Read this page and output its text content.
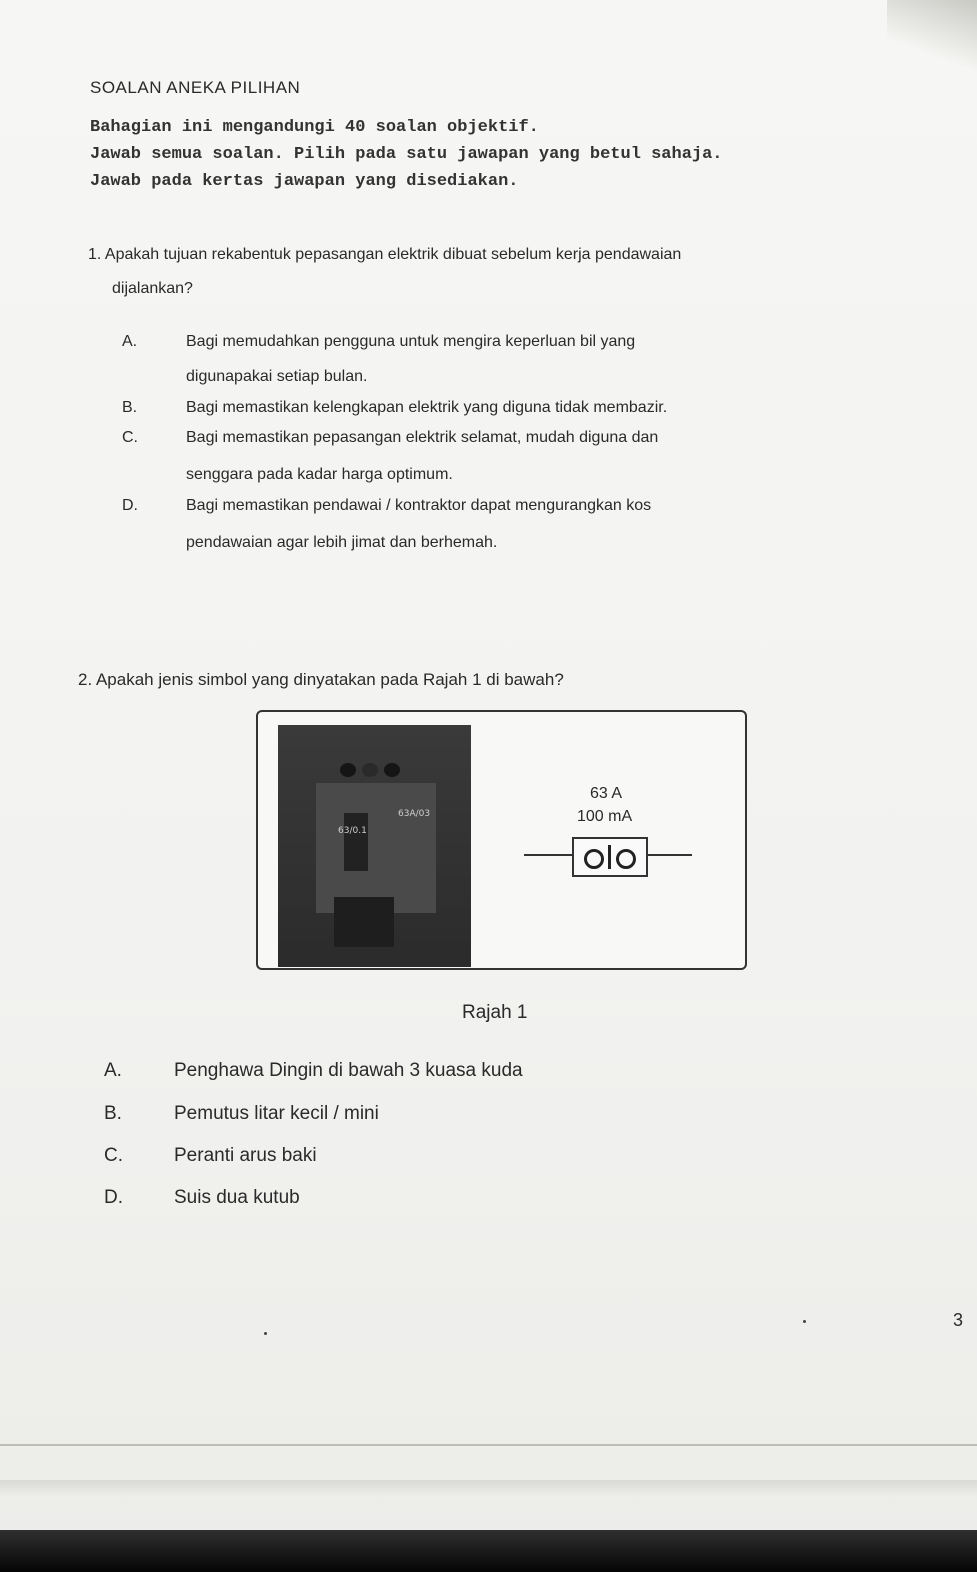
SOALAN ANEKA PILIHAN
Bahagian ini mengandungi 40 soalan objektif.
Jawab semua soalan. Pilih pada satu jawapan yang betul sahaja.
Jawab pada kertas jawapan yang disediakan.
1. Apakah tujuan rekabentuk pepasangan elektrik dibuat sebelum kerja pendawaian
dijalankan?
A.	Bagi memudahkan pengguna untuk mengira keperluan bil yang
digunapakai setiap bulan.
B.	Bagi memastikan kelengkapan elektrik yang diguna tidak membazir.
C.	Bagi memastikan pepasangan elektrik selamat, mudah diguna dan
senggara pada kadar harga optimum.
D.	Bagi memastikan pendawai / kontraktor dapat mengurangkan kos
pendawaian agar lebih jimat dan berhemah.
2. Apakah jenis simbol yang dinyatakan pada Rajah 1 di bawah?
63A/03
63/0.1
63 A
100 mA
Rajah 1
A.	Penghawa Dingin di bawah 3 kuasa kuda
B.	Pemutus litar kecil / mini
C.	Peranti arus baki
D.	Suis dua kutub
3
